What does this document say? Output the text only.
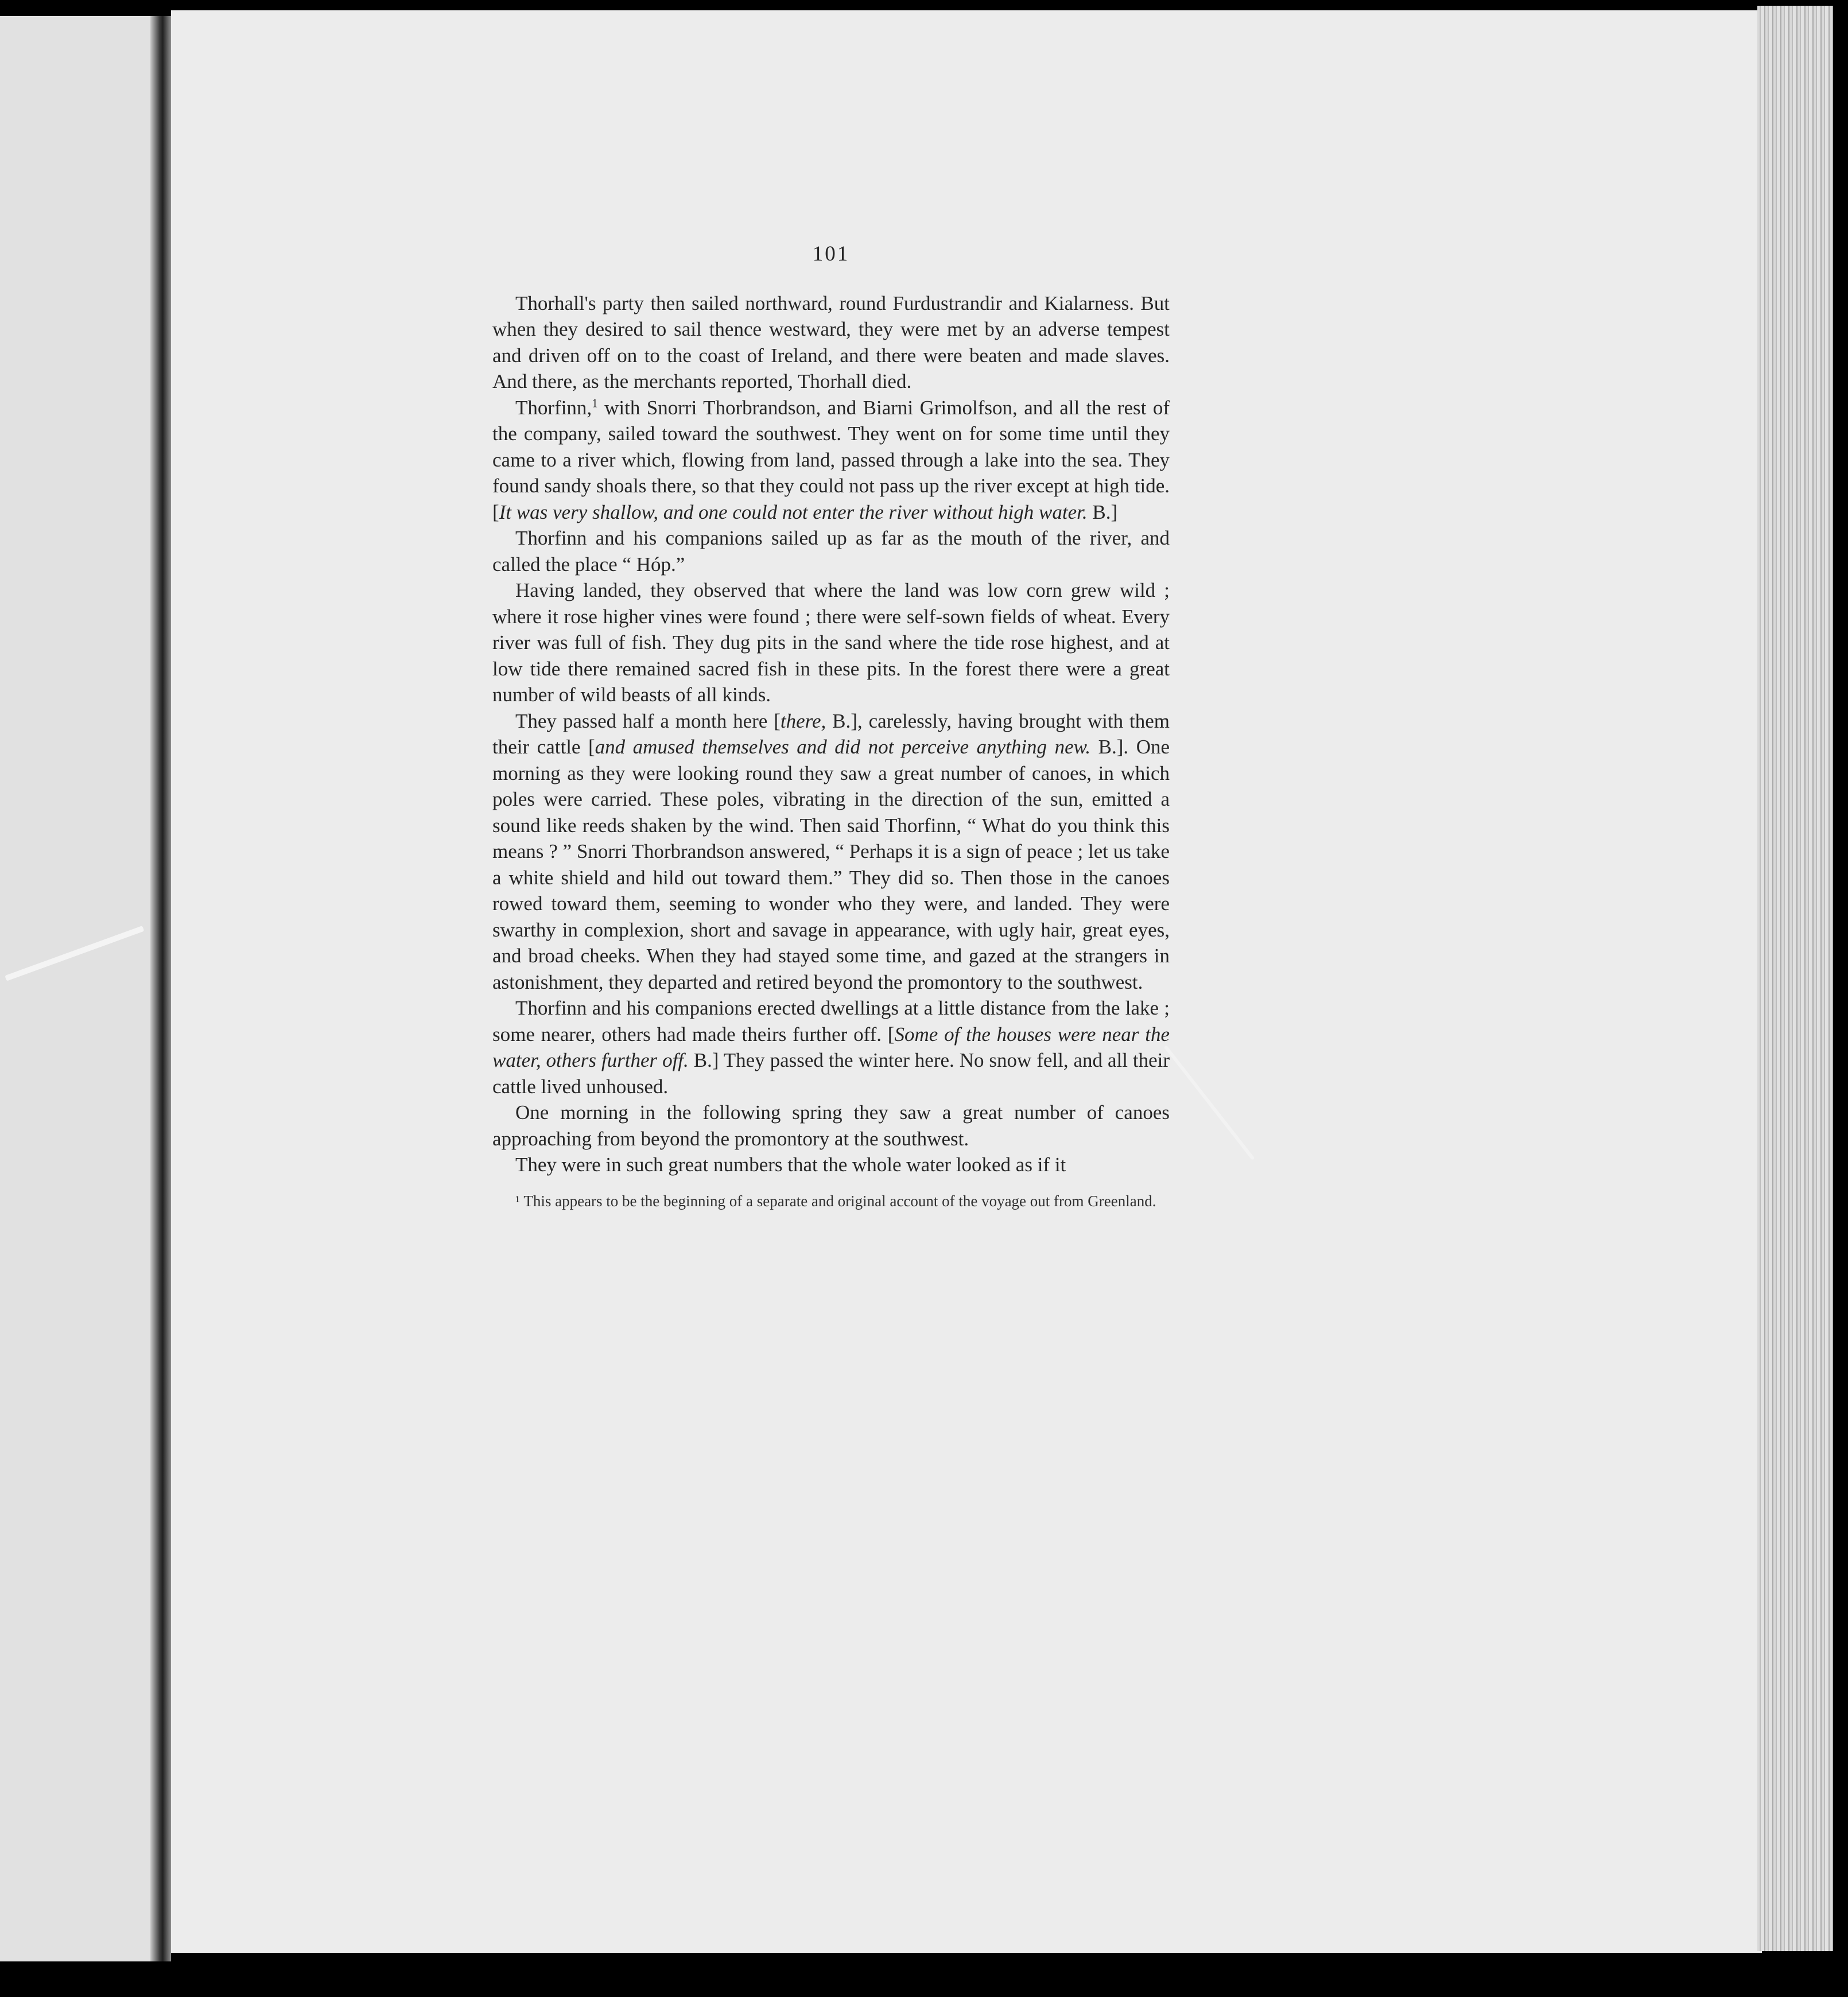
101

Thorhall's party then sailed northward, round Furdustrandir and Kialarness. But when they desired to sail thence westward, they were met by an adverse tempest and driven off on to the coast of Ireland, and there were beaten and made slaves. And there, as the merchants reported, Thorhall died.

Thorfinn,$^1$ with Snorri Thorbrandson, and Biarni Grimolfson, and all the rest of the company, sailed toward the southwest. They went on for some time until they came to a river which, flowing from land, passed through a lake into the sea. They found sandy shoals there, so that they could not pass up the river except at high tide. [It was very shallow, and one could not enter the river without high water. B.]

Thorfinn and his companions sailed up as far as the mouth of the river, and called the place “ Hóp.”

Having landed, they observed that where the land was low corn grew wild ; where it rose higher vines were found ; there were self-sown fields of wheat. Every river was full of fish. They dug pits in the sand where the tide rose highest, and at low tide there remained sacred fish in these pits. In the forest there were a great number of wild beasts of all kinds.

They passed half a month here [there, B.], carelessly, having brought with them their cattle [and amused themselves and did not perceive anything new. B.]. One morning as they were looking round they saw a great number of canoes, in which poles were carried. These poles, vibrating in the direction of the sun, emitted a sound like reeds shaken by the wind. Then said Thorfinn, “ What do you think this means ? ” Snorri Thorbrandson answered, “ Perhaps it is a sign of peace ; let us take a white shield and hild out toward them.” They did so. Then those in the canoes rowed toward them, seeming to wonder who they were, and landed. They were swarthy in complexion, short and savage in appearance, with ugly hair, great eyes, and broad cheeks. When they had stayed some time, and gazed at the strangers in astonishment, they departed and retired beyond the promontory to the southwest.

Thorfinn and his companions erected dwellings at a little distance from the lake ; some nearer, others had made theirs further off. [Some of the houses were near the water, others further off. B.] They passed the winter here. No snow fell, and all their cattle lived unhoused.

One morning in the following spring they saw a great number of canoes approaching from beyond the promontory at the southwest.

They were in such great numbers that the whole water looked as if it

¹ This appears to be the beginning of a separate and original account of the voyage out from Greenland.
